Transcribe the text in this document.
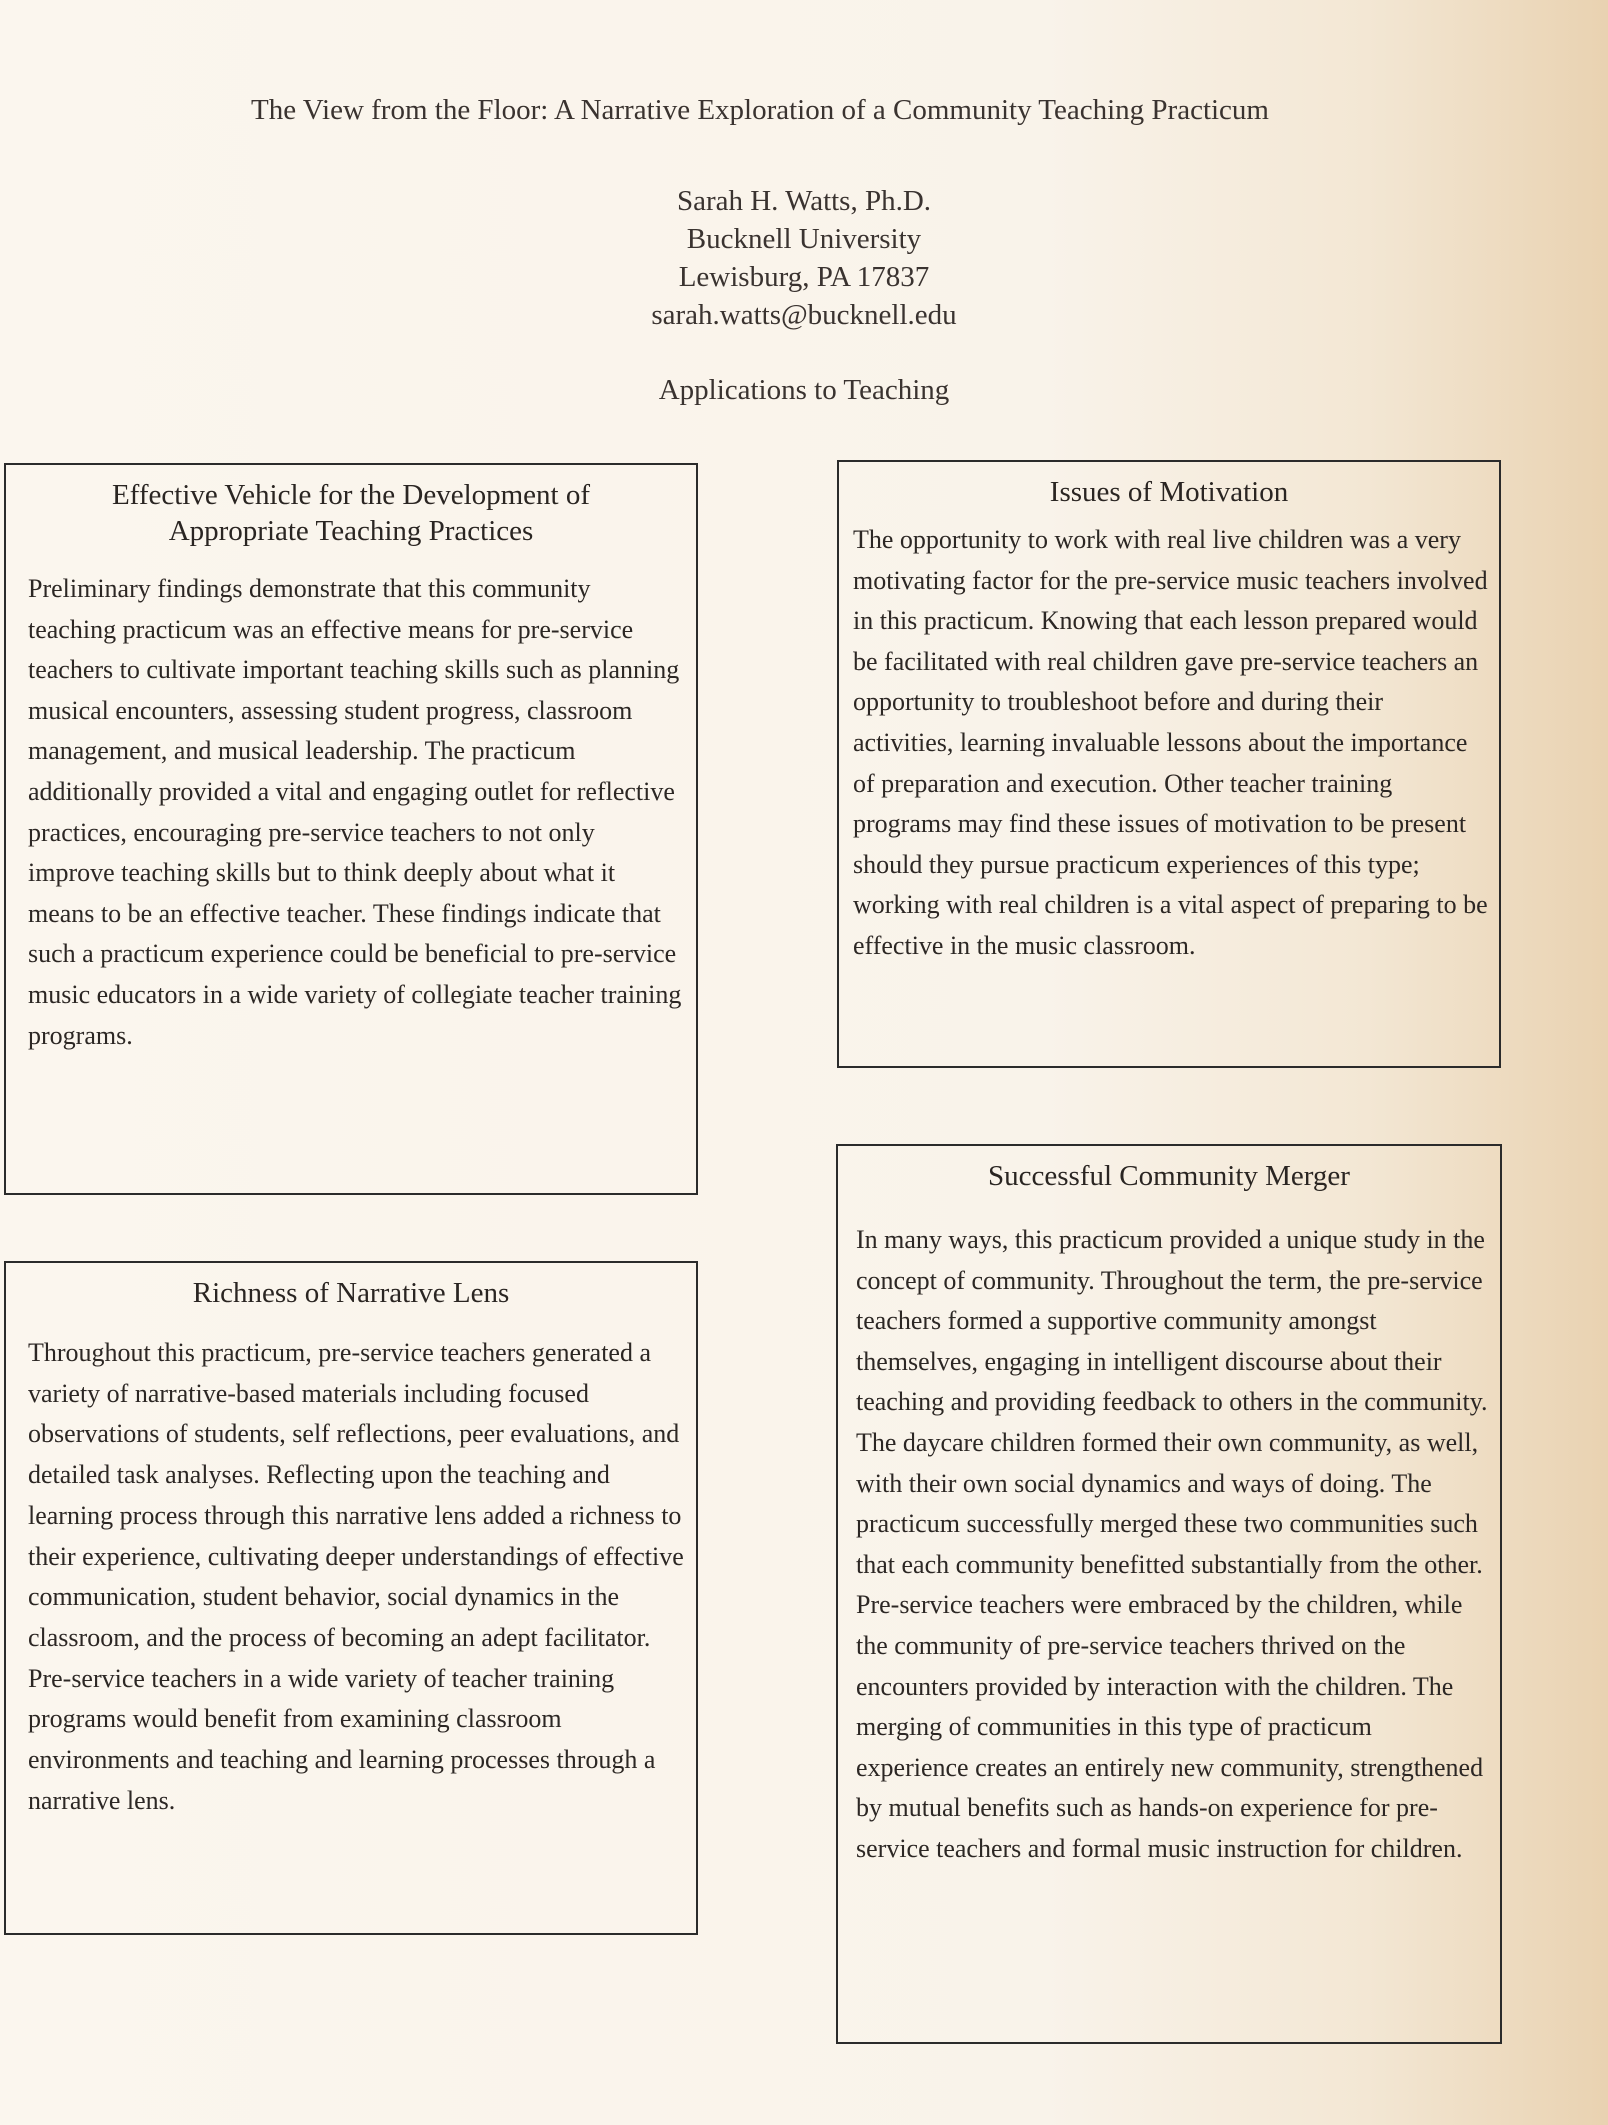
The View from the Floor: A Narrative Exploration of a Community Teaching Practicum
Sarah H. Watts, Ph.D.
Bucknell University
Lewisburg, PA 17837
sarah.watts@bucknell.edu
Applications to Teaching
Effective Vehicle for the Development of
Appropriate Teaching Practices

Preliminary findings demonstrate that this community teaching practicum was an effective means for pre-service teachers to cultivate important teaching skills such as planning musical encounters, assessing student progress, classroom management, and musical leadership. The practicum additionally provided a vital and engaging outlet for reflective practices, encouraging pre-service teachers to not only improve teaching skills but to think deeply about what it means to be an effective teacher. These findings indicate that such a practicum experience could be beneficial to pre-service music educators in a wide variety of collegiate teacher training programs.

Issues of Motivation

The opportunity to work with real live children was a very motivating factor for the pre-service music teachers involved in this practicum. Knowing that each lesson prepared would be facilitated with real children gave pre-service teachers an opportunity to troubleshoot before and during their activities, learning invaluable lessons about the importance of preparation and execution. Other teacher training programs may find these issues of motivation to be present should they pursue practicum experiences of this type; working with real children is a vital aspect of preparing to be effective in the music classroom.

Richness of Narrative Lens

Throughout this practicum, pre-service teachers generated a variety of narrative-based materials including focused observations of students, self reflections, peer evaluations, and detailed task analyses. Reflecting upon the teaching and learning process through this narrative lens added a richness to their experience, cultivating deeper understandings of effective communication, student behavior, social dynamics in the classroom, and the process of becoming an adept facilitator. Pre-service teachers in a wide variety of teacher training programs would benefit from examining classroom environments and teaching and learning processes through a narrative lens.

Successful Community Merger

In many ways, this practicum provided a unique study in the concept of community. Throughout the term, the pre-service teachers formed a supportive community amongst themselves, engaging in intelligent discourse about their teaching and providing feedback to others in the community. The daycare children formed their own community, as well, with their own social dynamics and ways of doing. The practicum successfully merged these two communities such that each community benefitted substantially from the other. Pre-service teachers were embraced by the children, while the community of pre-service teachers thrived on the encounters provided by interaction with the children. The merging of communities in this type of practicum experience creates an entirely new community, strengthened by mutual benefits such as hands-on experience for pre-service teachers and formal music instruction for children.
